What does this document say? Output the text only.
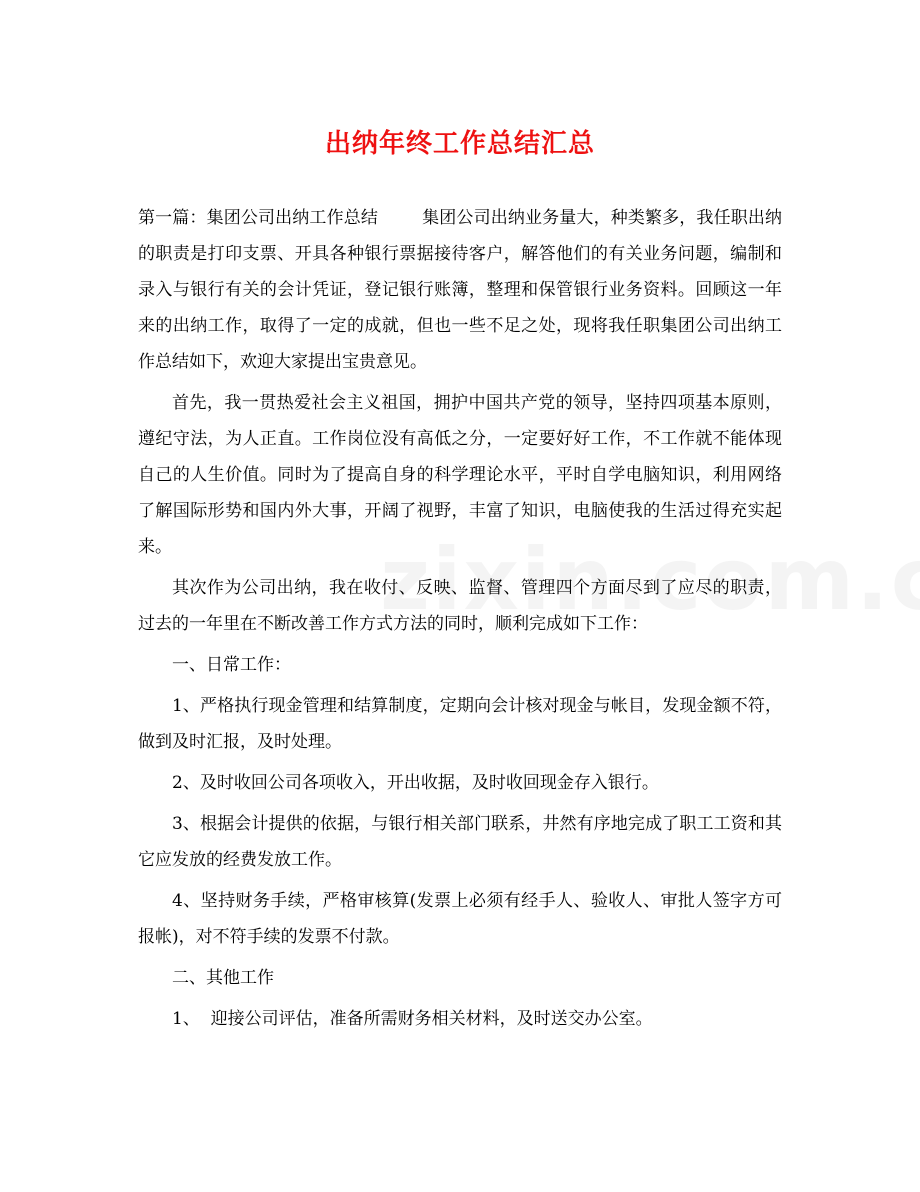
出纳年终工作总结汇总

第一篇：集团公司出纳工作总结	集团公司出纳业务量大，种类繁多，我任职出纳的职责是打印支票、开具各种银行票据接待客户，解答他们的有关业务问题，编制和录入与银行有关的会计凭证，登记银行账簿，整理和保管银行业务资料。回顾这一年来的出纳工作，取得了一定的成就，但也一些不足之处，现将我任职集团公司出纳工作总结如下，欢迎大家提出宝贵意见。

首先，我一贯热爱社会主义祖国，拥护中国共产党的领导，坚持四项基本原则，遵纪守法，为人正直。工作岗位没有高低之分，一定要好好工作，不工作就不能体现自己的人生价值。同时为了提高自身的科学理论水平，平时自学电脑知识，利用网络了解国际形势和国内外大事，开阔了视野，丰富了知识，电脑使我的生活过得充实起来。

其次作为公司出纳，我在收付、反映、监督、管理四个方面尽到了应尽的职责，过去的一年里在不断改善工作方式方法的同时，顺利完成如下工作：

一、日常工作：

1、严格执行现金管理和结算制度，定期向会计核对现金与帐目，发现金额不符，做到及时汇报，及时处理。

2、及时收回公司各项收入，开出收据，及时收回现金存入银行。

3、根据会计提供的依据，与银行相关部门联系，井然有序地完成了职工工资和其它应发放的经费发放工作。

4、坚持财务手续，严格审核算(发票上必须有经手人、验收人、审批人签字方可报帐)，对不符手续的发票不付款。

二、其他工作

1、  迎接公司评估，准备所需财务相关材料，及时送交办公室。
